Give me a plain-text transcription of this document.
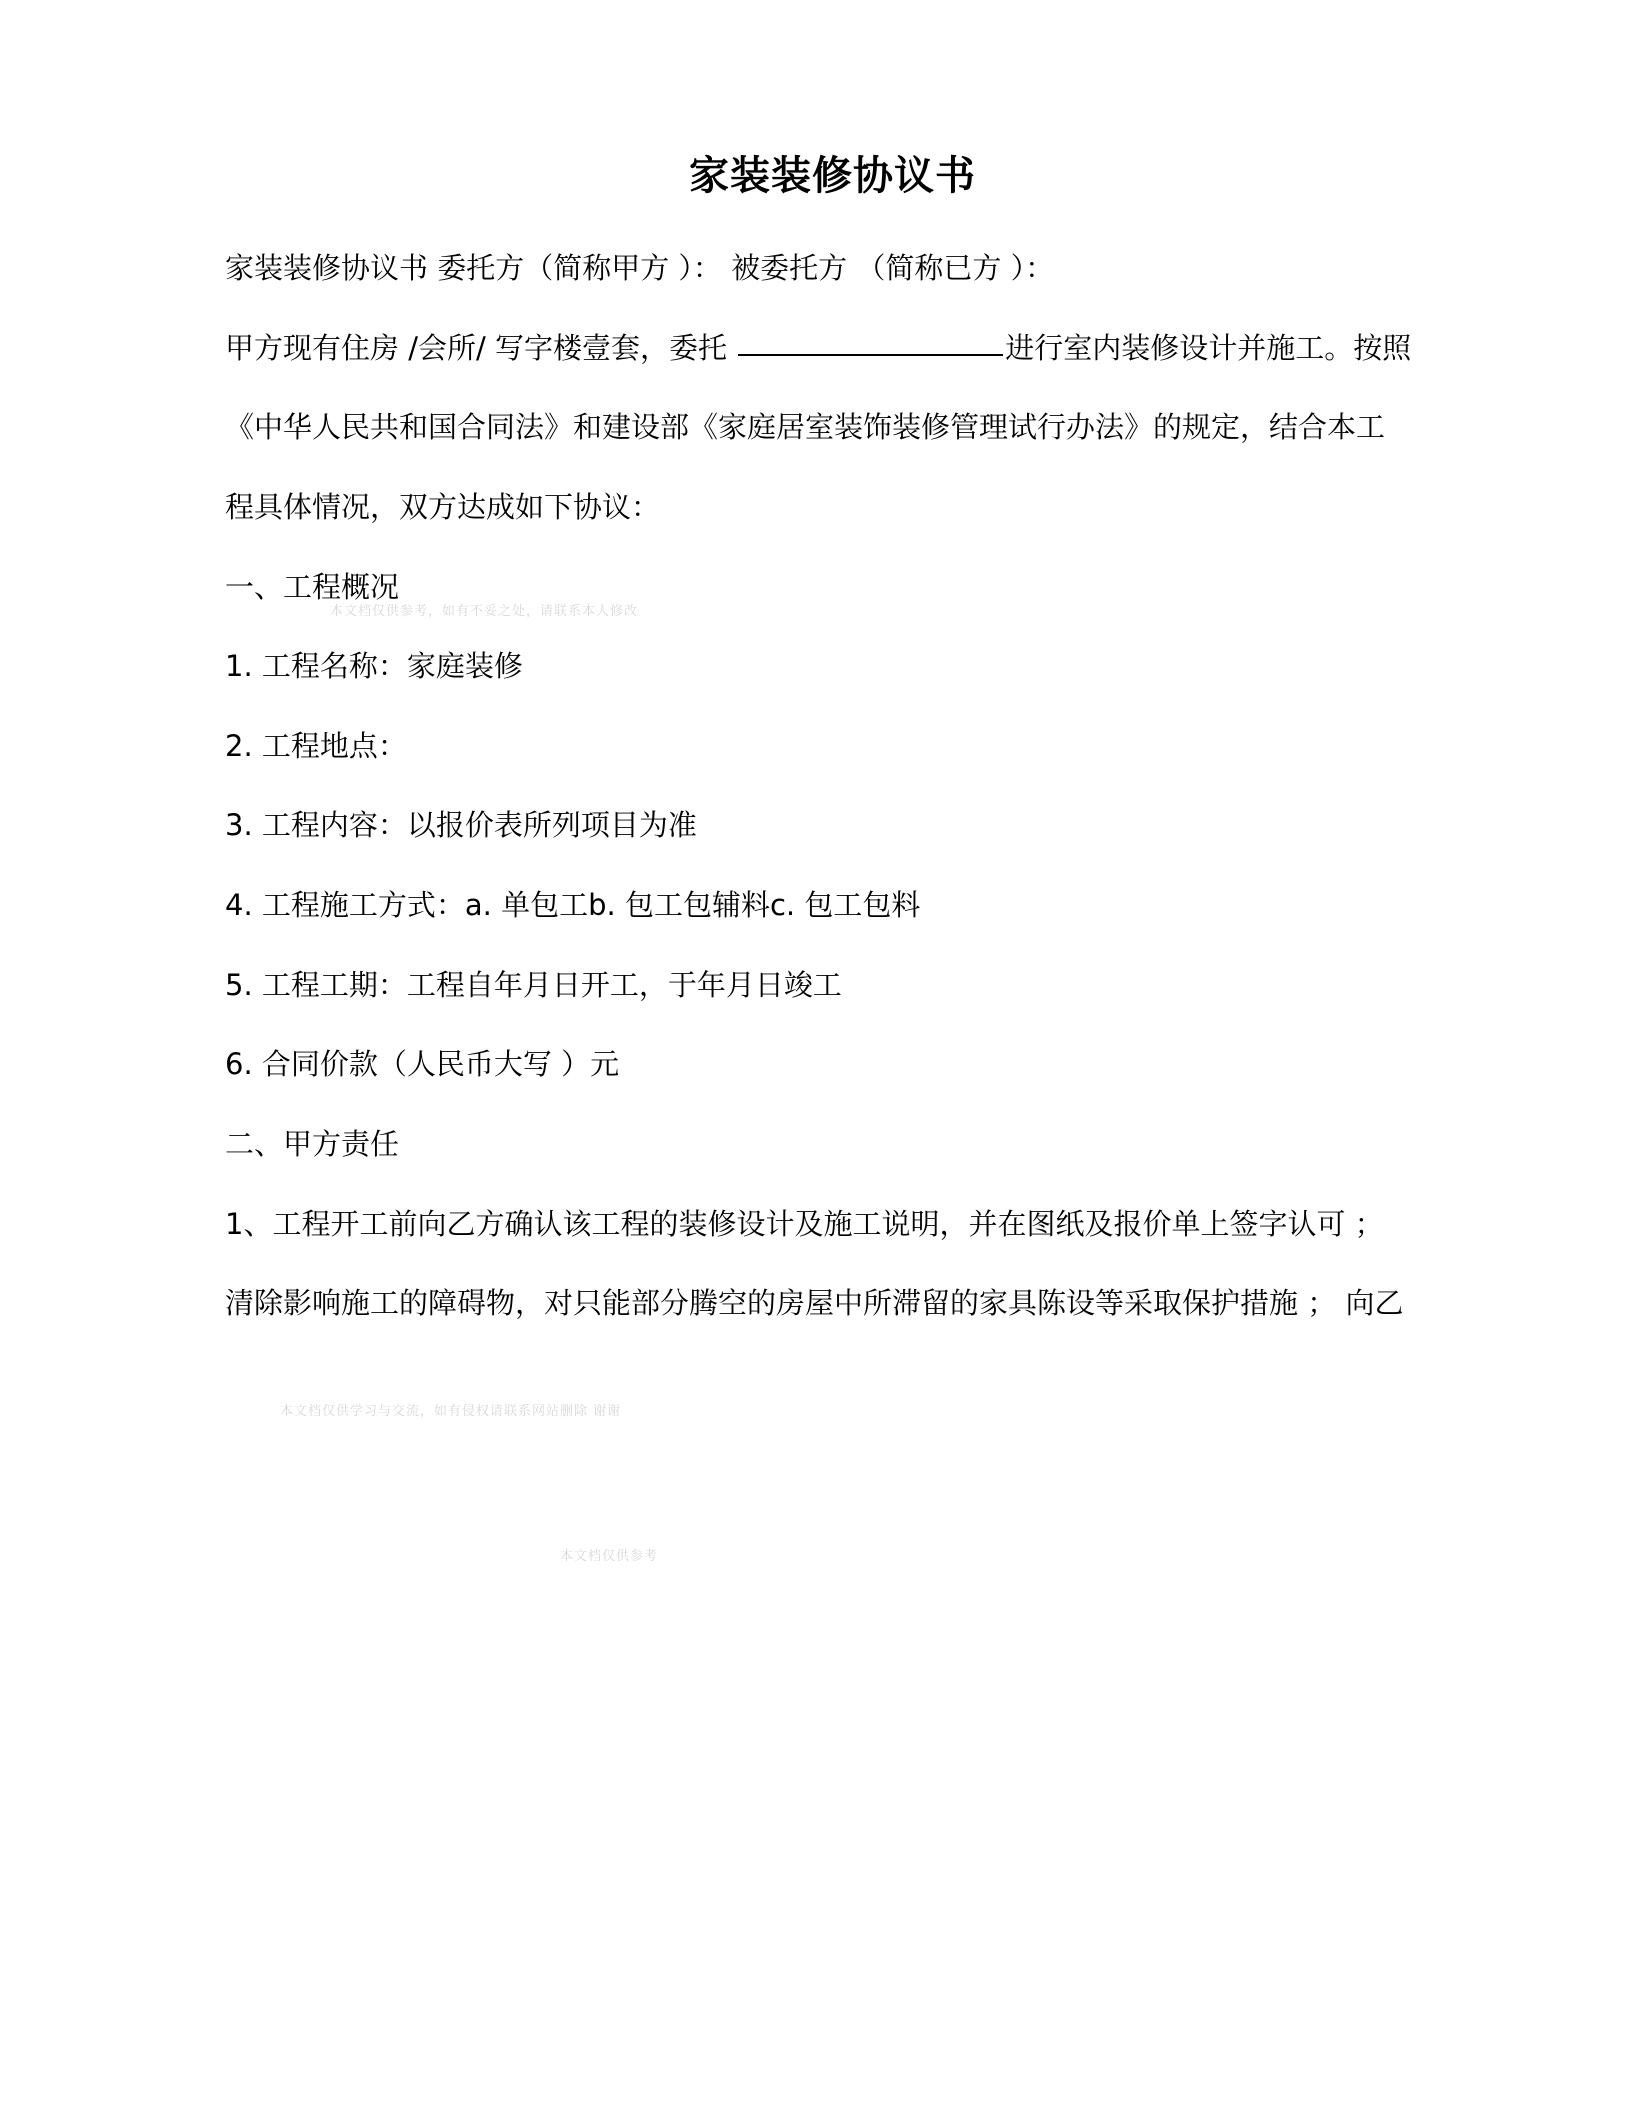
家装装修协议书

家装装修协议书 委托方（简称甲方 ）： 被委托方 （简称已方 ）：

甲方现有住房 /会所/ 写字楼壹套，委托	进行室内装修设计并施工。按照

《中华人民共和国合同法》和建设部《家庭居室装饰装修管理试行办法》的规定，结合本工

程具体情况，双方达成如下协议：

一、工程概况

1. 工程名称：家庭装修

2. 工程地点：

3. 工程内容：以报价表所列项目为准

4. 工程施工方式：a. 单包工b. 包工包辅料c. 包工包料

5. 工程工期：工程自年月日开工，于年月日竣工

6. 合同价款（人民币大写 ）元

二、甲方责任

1、工程开工前向乙方确认该工程的装修设计及施工说明，并在图纸及报价单上签字认可 ；

清除影响施工的障碍物，对只能部分腾空的房屋中所滞留的家具陈设等采取保护措施 ； 向乙

本文档仅供参考，如有不妥之处，请联系本人修改
本文档仅供学习与交流，如有侵权请联系网站删除 谢谢
本文档仅供参考
